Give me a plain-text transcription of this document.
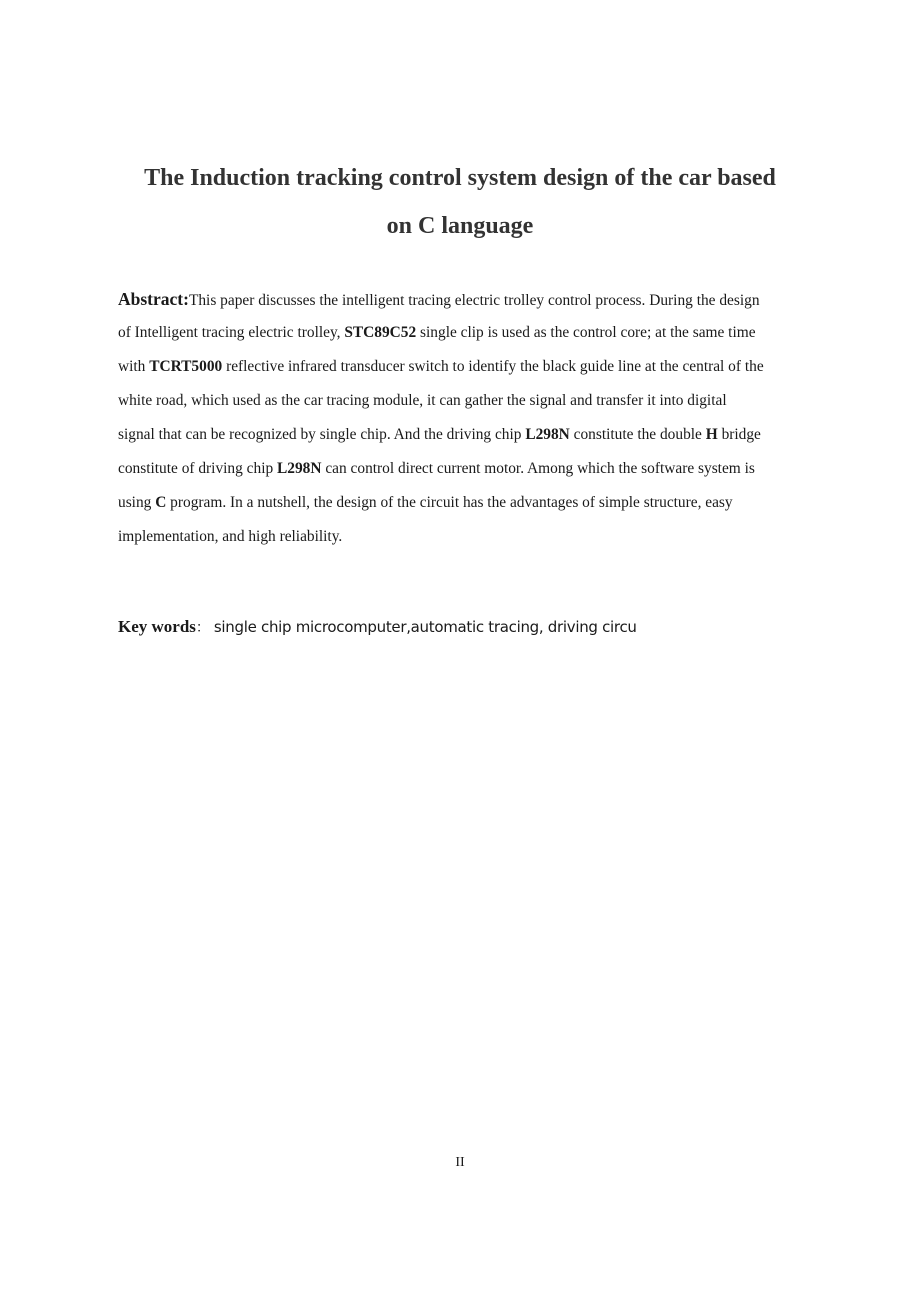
The Induction tracking control system design of the car based
on C language
Abstract:This paper discusses the intelligent tracing electric trolley control process. During the design
of Intelligent tracing electric trolley, STC89C52 single clip is used as the control core; at the same time
with TCRT5000 reflective infrared transducer switch to identify the black guide line at the central of the
white road, which used as the car tracing module, it can gather the signal and transfer it into digital
signal that can be recognized by single chip. And the driving chip L298N constitute the double H bridge
constitute of driving chip L298N can control direct current motor. Among which the software system is
using C program. In a nutshell, the design of the circuit has the advantages of simple structure, easy
implementation, and high reliability.
Key words： single chip microcomputer,automatic tracing, driving circu
II
